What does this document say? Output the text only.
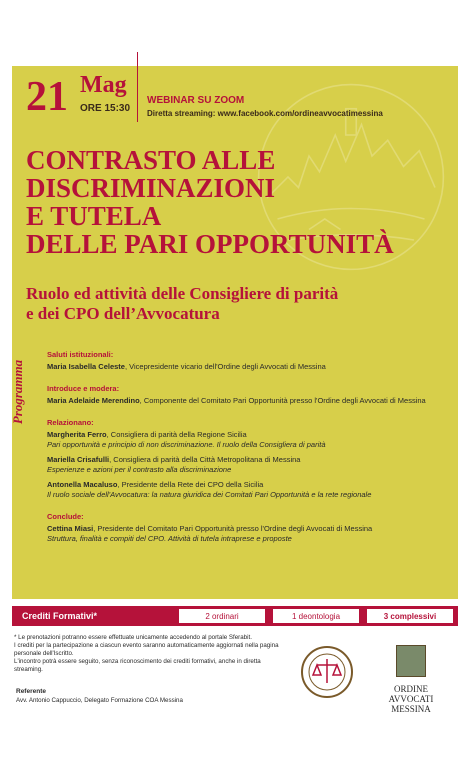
21 Mag
ORE 15:30
WEBINAR SU ZOOM
Diretta streaming: www.facebook.com/ordineavvocatimessina
CONTRASTO ALLE
DISCRIMINAZIONI
E TUTELA
DELLE PARI OPPORTUNITÀ
Ruolo ed attività delle Consigliere di parità
e dei CPO dell’Avvocatura
Programma
Saluti istituzionali:
Maria Isabella Celeste, Vicepresidente vicario dell'Ordine degli Avvocati di Messina
Introduce e modera:
Maria Adelaide Merendino, Componente del Comitato Pari Opportunità presso l'Ordine degli Avvocati di Messina
Relazionano:
Margherita Ferro, Consigliera di parità della Regione Sicilia
Pari opportunità e principio di non discriminazione. Il ruolo della Consigliera di parità
Mariella Crisafulli, Consigliera di parità della Città Metropolitana di Messina
Esperienze e azioni per il contrasto alla discriminazione
Antonella Macaluso, Presidente della Rete dei CPO della Sicilia
Il ruolo sociale dell'Avvocatura: la natura giuridica dei Comitati Pari Opportunità e la rete regionale
Conclude:
Cettina Miasi, Presidente del Comitato Pari Opportunità presso l'Ordine degli Avvocati di Messina
Struttura, finalità e compiti del CPO. Attività di tutela intraprese e proposte
Crediti Formativi*	2 ordinari	1 deontologia	3 complessivi
* Le prenotazioni potranno essere effettuate unicamente accedendo al portale Sferabit.
I crediti per la partecipazione a ciascun evento saranno automaticamente aggiornati nella pagina personale dell'Iscritto.
L'incontro potrà essere seguito, senza riconoscimento dei crediti formativi, anche in diretta streaming.
Referente
Avv. Antonio Cappuccio, Delegato Formazione COA Messina
ORDINE AVVOCATI
MESSINA
